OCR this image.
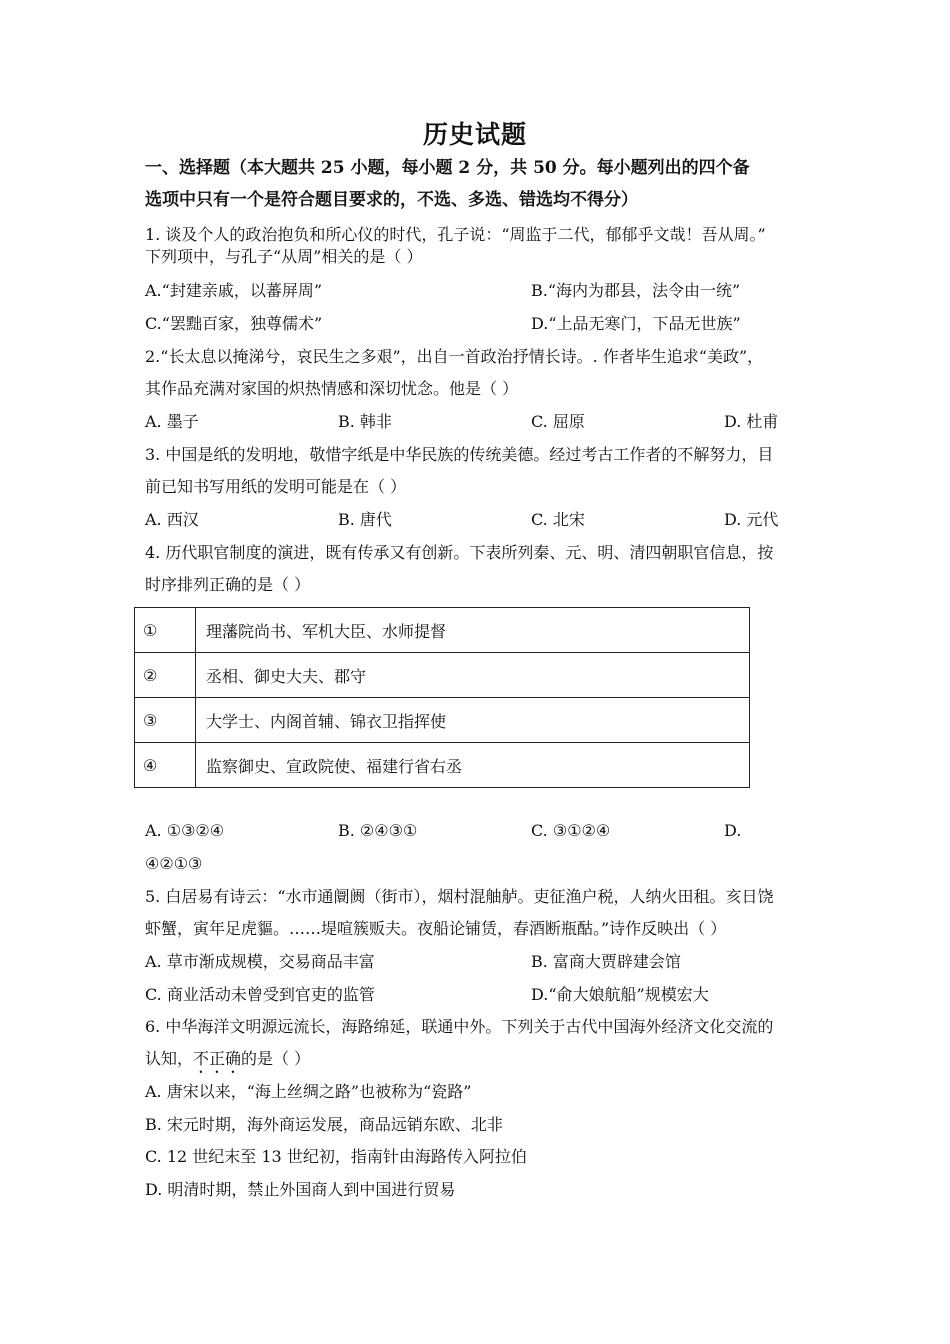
历史试题
一、选择题（本大题共 25 小题，每小题 2 分，共 50 分。每小题列出的四个备
选项中只有一个是符合题目要求的，不选、多选、错选均不得分）
1. 谈及个人的政治抱负和所心仪的时代，孔子说：“周监于二代，郁郁乎文哉！吾从周。”
下列项中，与孔子“从周”相关的是（ ）
A.“封建亲戚，以蕃屏周”	B.“海内为郡县，法令由一统”
C.“罢黜百家，独尊儒术”	D.“上品无寒门，下品无世族”
2.“长太息以掩涕兮，哀民生之多艰”，出自一首政治抒情长诗。. 作者毕生追求“美政”，
其作品充满对家国的炽热情感和深切忧念。他是（ ）
A. 墨子	B. 韩非	C. 屈原	D. 杜甫
3. 中国是纸的发明地，敬惜字纸是中华民族的传统美德。经过考古工作者的不解努力，目
前已知书写用纸的发明可能是在（ ）
A. 西汉	B. 唐代	C. 北宋	D. 元代
4. 历代职官制度的演进，既有传承又有创新。下表所列秦、元、明、清四朝职官信息，按
时序排列正确的是（ ）
①	理藩院尚书、军机大臣、水师提督
②	丞相、御史大夫、郡守
③	大学士、内阁首辅、锦衣卫指挥使
④	监察御史、宣政院使、福建行省右丞
A. ①③②④	B. ②④③①	C. ③①②④	D.
④②①③
5. 白居易有诗云：“水市通阛阓（街市），烟村混舳舻。吏征渔户税，人纳火田租。亥日饶
虾蟹，寅年足虎貙。……堤喧簇贩夫。夜船论铺赁，春酒断瓶酤。”诗作反映出（ ）
A. 草市渐成规模，交易商品丰富	B. 富商大贾辟建会馆
C. 商业活动未曾受到官吏的监管	D.“俞大娘航船”规模宏大
6. 中华海洋文明源远流长，海路绵延，联通中外。下列关于古代中国海外经济文化交流的
认知，不正确的是（ ）
A. 唐宋以来，“海上丝绸之路”也被称为“瓷路”
B. 宋元时期，海外商运发展，商品远销东欧、北非
C. 12 世纪末至 13 世纪初，指南针由海路传入阿拉伯
D. 明清时期，禁止外国商人到中国进行贸易
